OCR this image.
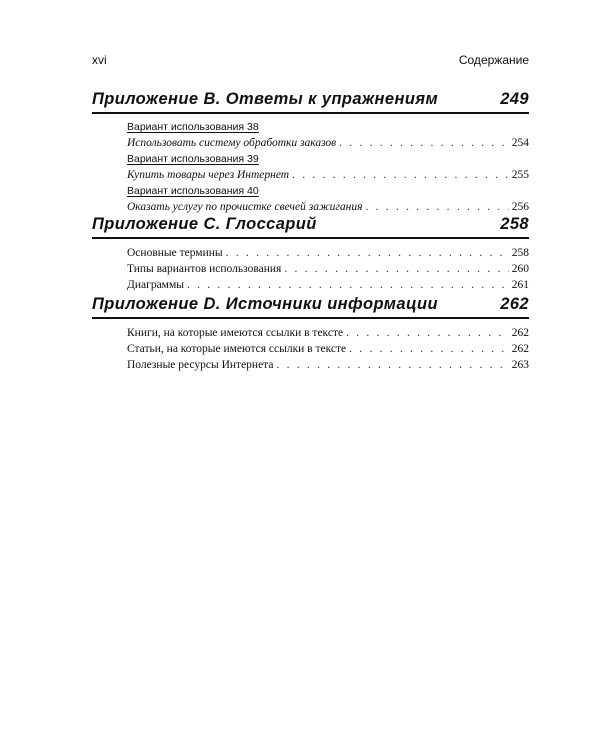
xvi	Содержание
Приложение В. Ответы к упражнениям	249
Вариант использования 38
Использовать систему обработки заказов . . .	254
Вариант использования 39
Купить товары через Интернет . . .	255
Вариант использования 40
Оказать услугу по прочистке свечей зажигания . . .	256
Приложение С. Глоссарий	258
Основные термины . . .	258
Типы вариантов использования . . .	260
Диаграммы . . .	261
Приложение D. Источники информации	262
Книги, на которые имеются ссылки в тексте . . .	262
Статьи, на которые имеются ссылки в тексте . . .	262
Полезные ресурсы Интернета . . .	263
